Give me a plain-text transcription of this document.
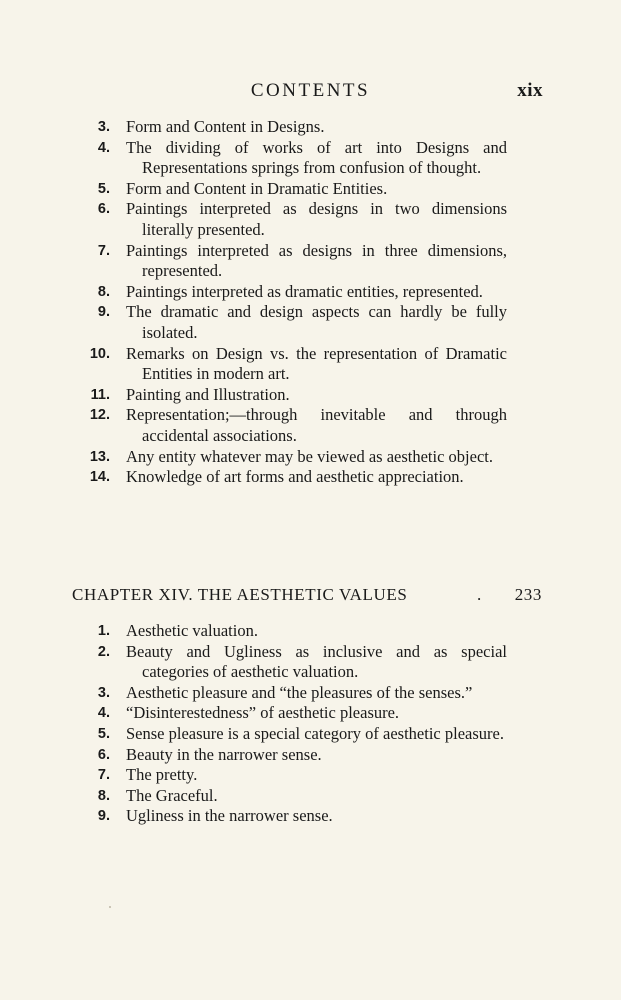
CONTENTS	xix
3. Form and Content in Designs.
4. The dividing of works of art into Designs and Representations springs from confusion of thought.
5. Form and Content in Dramatic Entities.
6. Paintings interpreted as designs in two dimensions literally presented.
7. Paintings interpreted as designs in three dimensions, represented.
8. Paintings interpreted as dramatic entities, represented.
9. The dramatic and design aspects can hardly be fully isolated.
10. Remarks on Design vs. the representation of Dramatic Entities in modern art.
11. Painting and Illustration.
12. Representation;—through inevitable and through accidental associations.
13. Any entity whatever may be viewed as aesthetic object.
14. Knowledge of art forms and aesthetic appreciation.
CHAPTER XIV. THE AESTHETIC VALUES	. 233
1. Aesthetic valuation.
2. Beauty and Ugliness as inclusive and as special categories of aesthetic valuation.
3. Aesthetic pleasure and “the pleasures of the senses.”
4. “Disinterestedness” of aesthetic pleasure.
5. Sense pleasure is a special category of aesthetic pleasure.
6. Beauty in the narrower sense.
7. The pretty.
8. The Graceful.
9. Ugliness in the narrower sense.
